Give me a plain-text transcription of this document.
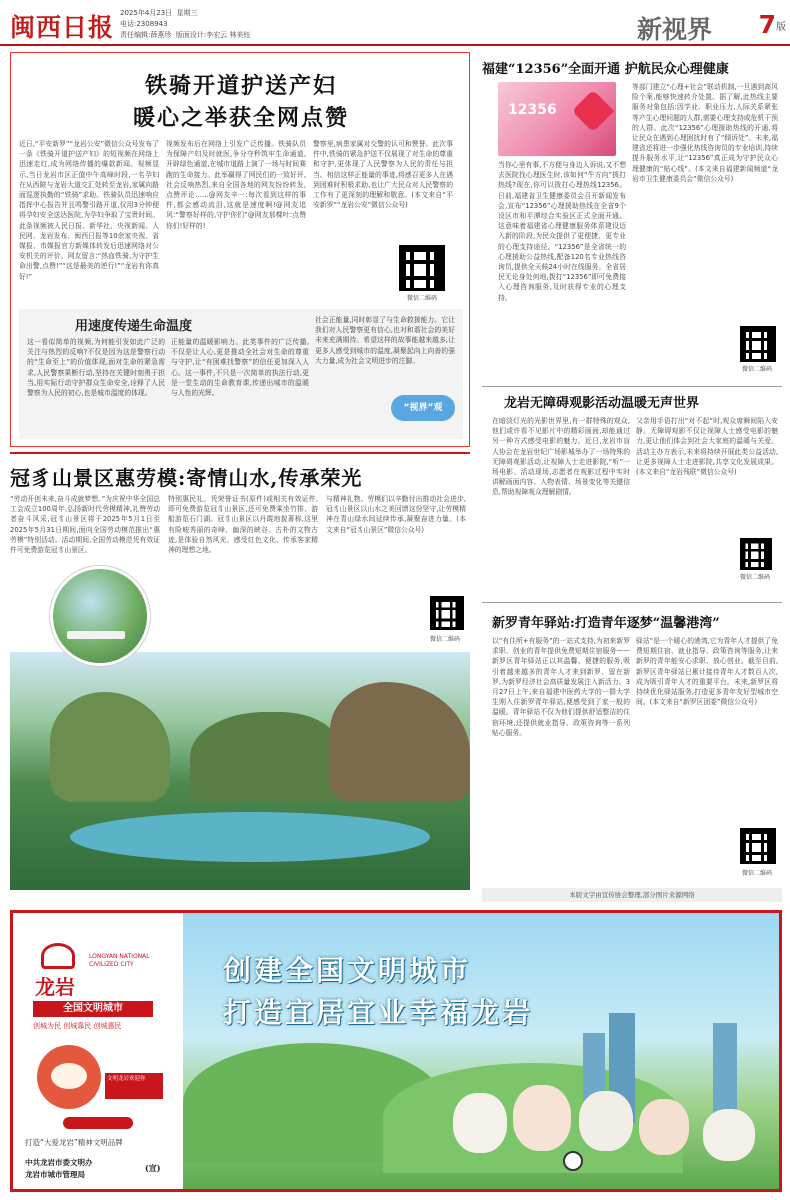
闽西日报 2025年4月23日 星期三
电话:2308943
责任编辑:薛燕珍 版面设计:李宏云 林美钰	新视界 7 版
铁骑开道护送产妇
暖心之举获全网点赞
近日,“平安新罗”“龙岩公安”微信公众号发布了一条《铁骑开道护送产妇》的短视频在网络上迅速走红,成为网络传播的爆款新闻。视频显示,当日龙岩市区正值中午高峰时段,一名孕妇在从西陂与龙岩大道交汇处转至龙岩,家属向路面巡逻执勤的“铁骑”求助。铁骑队员迅速响应指挥中心报告并且鸣警引路开道,仅用3分钟便将孕妇安全送达医院,为孕妇争取了宝贵时间。此条视频被人民日报、新华社、央视新闻、人民网、龙岩发布、闽西日报等10余家央视、省媒报、市媒报官方新媒体转发后迅速网络对公安机关的评价。网友留言:“热血铁骑,为守护生命出警,点赞!”“这是最美的逆行!”“龙岩有你真好!”
视频发布后在网络上引发广泛传播。铁骑队员为保障产妇及时就医,争分夺秒筑牢生命通道,开辟绿色通道,在城市道路上演了一场与时间赛跑的生命接力。此举赢得了网民们的一致好评,社会反响热烈,来自全国各地的网友纷纷转发,点赞评论……@网友辛一:每次看到这样的事件,都会感动流泪,这就是速度啊!@网友追风:“警察好样的,守护你们”@网友那棵叶:点赞你们!好样的!
警察里,病患家属对交警的认可和赞誉。此次事件中,铁骑的紧急护送不仅展现了对生命的尊重和守护,更体现了人民警察为人民的责任与担当。相信这样正能量的事迹,将感召更多人在遇到困难时积极求助,也让广大民众对人民警察的工作有了更深刻的理解和敬意。(本文来自“平安新罗”“龙岩公安”微信公众号)
微信二维码
用速度传递生命温度
这一看似简单的视频,为何能引发如此广泛的关注与热烈的反响?不仅是因为这是警察行动的“生命至上”的价值体现,面对生命的紧急需求,人民警察果断行动,坚持在关键时刻勇于担当,用实际行动守护群众生命安全,诠释了人民警察为人民的初心,也是城市温度的体现。
正能量的温暖影响力。此类事件的广泛传播,不仅是让人心,更是推动全社会对生命的尊重与守护,让“有困难找警察”的信任更加深入人心。这一事件,不只是一次简单的执法行动,更是一堂生动的生命教育课,传递出城市的温暖与人性的光辉。
社会正能量,同时彰显了与生命救援能力。它让我们对人民警察更有信心,也对和谐社会的美好未来充满期待。希望这样的故事能越来越多,让更多人感受到城市的温度,凝聚起向上向善的强大力量,成为社会文明进步的注脚。
“视界”观
福建“12356”全面开通 护航民众心理健康
12356
当你心里有事,不方便与身边人诉说,又不想去医院找心理医生时,该如何“牛方向”拨打热线?现在,你可以拨打心理热线12356。日前,福建省卫生健康委员会召开新闻发布会,宣布“12356”心理援助热线在全省9个设区市和平潭综合实验区正式全面开通。这意味着福建省心理健康服务体系建设迈入新的阶段,为民众提供了更便捷、更专业的心理支持途径。“12356”是全省统一的心理援助公益热线,配备120名专业热线咨询员,提供全天候24小时在线服务。全省居民无论身处何地,拨打“12356”即可免费接入心理咨询服务,及时获得专业的心理支持。
等部门建立“心理+社会”联动机制,一旦遇到高风险个案,能够快速转介处置。据了解,此热线主要服务对象包括:因学业、职业压力,人际关系紧张等产生心理问题的人群,需要心理支持或危机干预的人群。此次“12356”心理援助热线的开通,将让民众在遇到心理困扰时有了“倾诉处”。未来,福建省还将进一步强化热线咨询员的专业培训,持续提升服务水平,让“12356”真正成为守护民众心理健康的“贴心线”。(本文来自福建新闻频道“龙岩市卫生健康委员会”微信公众号)
微信二维码
冠豸山景区惠劳模:寄情山水,传承荣光
“劳动开创未来,奋斗成就梦想。”为庆祝中华全国总工会成立100周年,弘扬新时代劳模精神,礼赞劳动者奋斗风采,冠豸山景区将于2025年5月1日至2025年5月31日期间,面向全国劳动模范推出“惠劳模”特别活动。活动期间,全国劳动模范凭有效证件可免费游览冠豸山景区。
特别惠民礼。凭荣誉证书(原件)或相关有效证件,即可免费游览冠豸山景区,还可免费乘坐竹排、游船游览石门湖。冠豸山景区以丹霞地貌著称,这里有险峻秀丽的奇峰、幽深的峡谷、古朴的文物古迹,是体验自然风光、感受红色文化、传承客家精神的理想之地。
与精神礼物。劳模们以辛勤付出推动社会进步,冠豸山景区以山水之美回馈这份坚守,让劳模精神在青山绿水间延续传承,凝聚奋进力量。(本文来自“冠豸山景区”微信公众号)
微信二维码
龙岩无障碍观影活动温暖无声世界
在暗淡灯光的光影世界里,有一群特殊的观众,他们或许看不见影片中的精彩画面,却能通过另一种方式感受电影的魅力。近日,龙岩市盲人协会在龙岩世纪广场影城举办了一场特殊的无障碍观影活动,让视障人士走进影院,“听”一场电影。活动现场,志愿者在观影过程中实时讲解画面内容、人物表情、场景变化等关键信息,帮助视障观众理解剧情。
父亲用手语打出“对不起”时,观众席瞬间陷入安静。无障碍观影不仅让视障人士感受电影的魅力,更让他们体会到社会大家庭的温暖与关爱。活动主办方表示,未来将持续开展此类公益活动,让更多视障人士走进影院,共享文化发展成果。(本文来自“龙岩残联”微信公众号)
微信二维码
新罗青年驿站:打造青年逐梦“温馨港湾”
以“有住所+有服务”的一站式支持,为初来新罗求职、创业的青年提供免费短期住宿服务——新罗区青年驿站正以其温馨、便捷的服务,吸引着越来越多的青年人才来到新罗、留在新罗,为新罗经济社会高质量发展注入新活力。3月27日上午,来自福建中医药大学的一群大学生刚入住新罗青年驿站,便感受到了家一般的温暖。青年驿站不仅为他们提供舒适整洁的住宿环境,还提供就业指导、政策咨询等一系列贴心服务。
驿站”是一个暖心的港湾,它为青年人才提供了免费短期住宿、就业指导、政策咨询等服务,让来新罗的青年能安心求职、放心创业。截至目前,新罗区青年驿站已累计接待青年人才数百人次,成为吸引青年人才的重要平台。未来,新罗区将持续优化驿站服务,打造更多青年友好型城市空间。(本文来自“新罗区团委”微信公众号)
微信二维码
本版文字由宣传协会整理,部分图片来源网络
龙岩
LONGYAN NATIONAL CIVILIZED CITY
全国文明城市
创城为民 创城靠民 创城惠民
文明龙岩欢迎你
打造“大爱龙岩”精神文明品牌
中共龙岩市委文明办
龙岩市城市管理局
(宣)
创建全国文明城市
打造宜居宜业幸福龙岩
